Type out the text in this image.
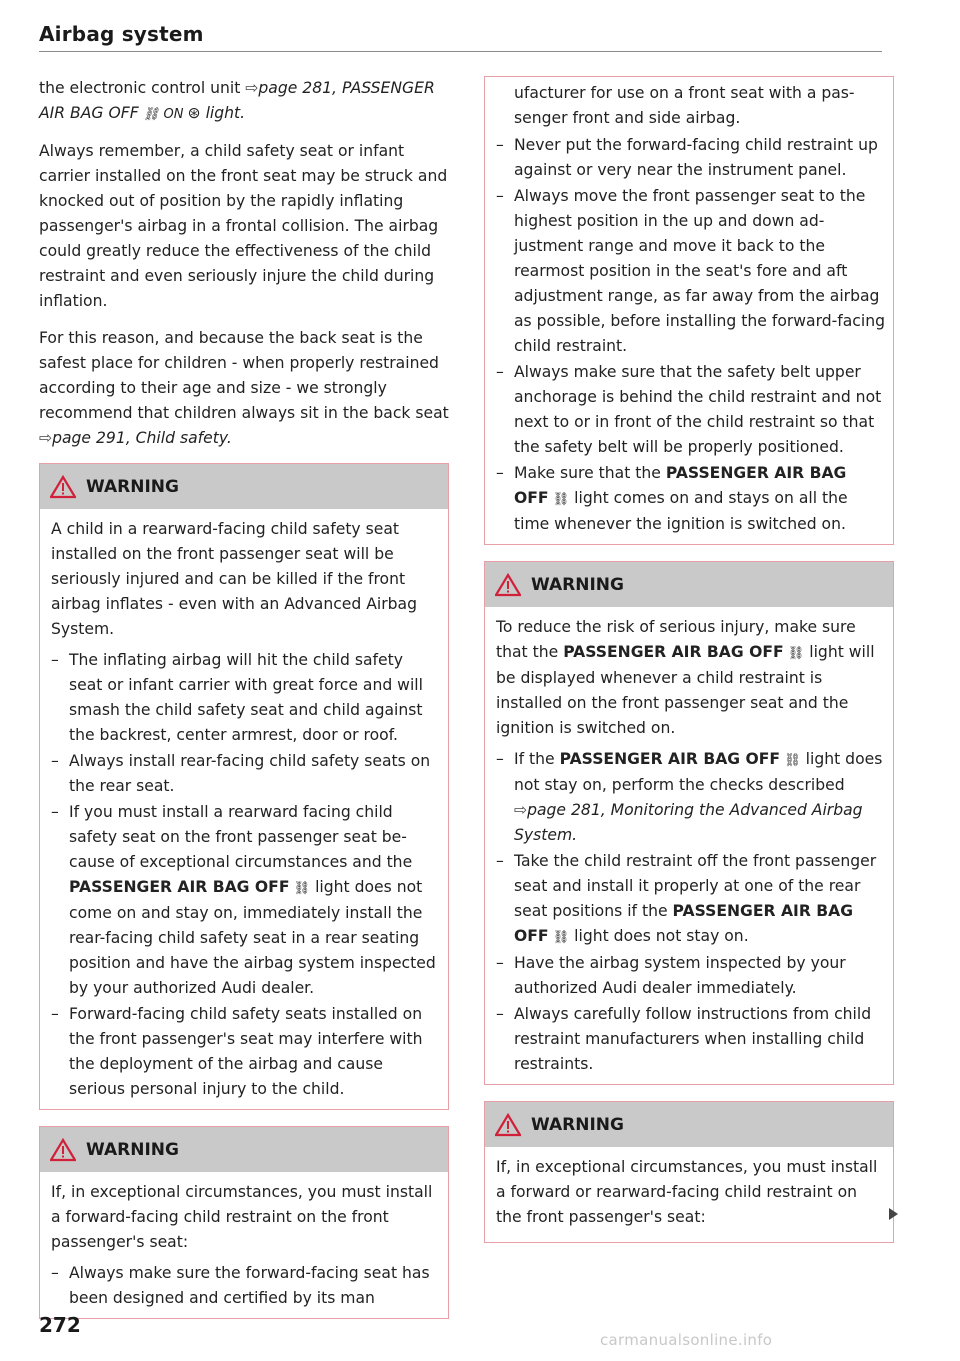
Airbag system

the electronic control unit ⇨page 281, PASSENGER AIR BAG OFF ⛓ ON ⊛ light.

Always remember, a child safety seat or infant carrier installed on the front seat may be struck and knocked out of position by the rapidly inflating passenger's airbag in a frontal collision. The airbag could greatly reduce the effectiveness of the child restraint and even seriously injure the child during inflation.

For this reason, and because the back seat is the safest place for children - when properly restrained according to their age and size - we strongly recommend that children always sit in the back seat ⇨page 291, Child safety.

WARNING

A child in a rearward-facing child safety seat installed on the front passenger seat will be seriously injured and can be killed if the front airbag inflates - even with an Advanced Airbag System.

– The inflating airbag will hit the child safety seat or infant carrier with great force and will smash the child safety seat and child against the backrest, center armrest, door or roof.
– Always install rear-facing child safety seats on the rear seat.
– If you must install a rearward facing child safety seat on the front passenger seat because of exceptional circumstances and the PASSENGER AIR BAG OFF ⛓ light does not come on and stay on, immediately install the rear-facing child safety seat in a rear seating position and have the airbag system inspected by your authorized Audi dealer.
– Forward-facing child safety seats installed on the front passenger's seat may interfere with the deployment of the airbag and cause serious personal injury to the child.
WARNING

If, in exceptional circumstances, you must install a forward-facing child restraint on the front passenger's seat:

– Always make sure the forward-facing seat has been designed and certified by its man

ufacturer for use on a front seat with a passenger front and side airbag.

– Never put the forward-facing child restraint up against or very near the instrument panel.
– Always move the front passenger seat to the highest position in the up and down adjustment range and move it back to the rearmost position in the seat's fore and aft adjustment range, as far away from the airbag as possible, before installing the forward-facing child restraint.
– Always make sure that the safety belt upper anchorage is behind the child restraint and not next to or in front of the child restraint so that the safety belt will be properly positioned.
– Make sure that the PASSENGER AIR BAG OFF ⛓ light comes on and stays on all the time whenever the ignition is switched on.
WARNING

To reduce the risk of serious injury, make sure that the PASSENGER AIR BAG OFF ⛓ light will be displayed whenever a child restraint is installed on the front passenger seat and the ignition is switched on.

– If the PASSENGER AIR BAG OFF ⛓ light does not stay on, perform the checks described ⇨page 281, Monitoring the Advanced Airbag System.
– Take the child restraint off the front passenger seat and install it properly at one of the rear seat positions if the PASSENGER AIR BAG OFF ⛓ light does not stay on.
– Have the airbag system inspected by your authorized Audi dealer immediately.
– Always carefully follow instructions from child restraint manufacturers when installing child restraints.
WARNING

If, in exceptional circumstances, you must install a forward or rearward-facing child restraint on the front passenger's seat:

272
carmanualsonline.info
